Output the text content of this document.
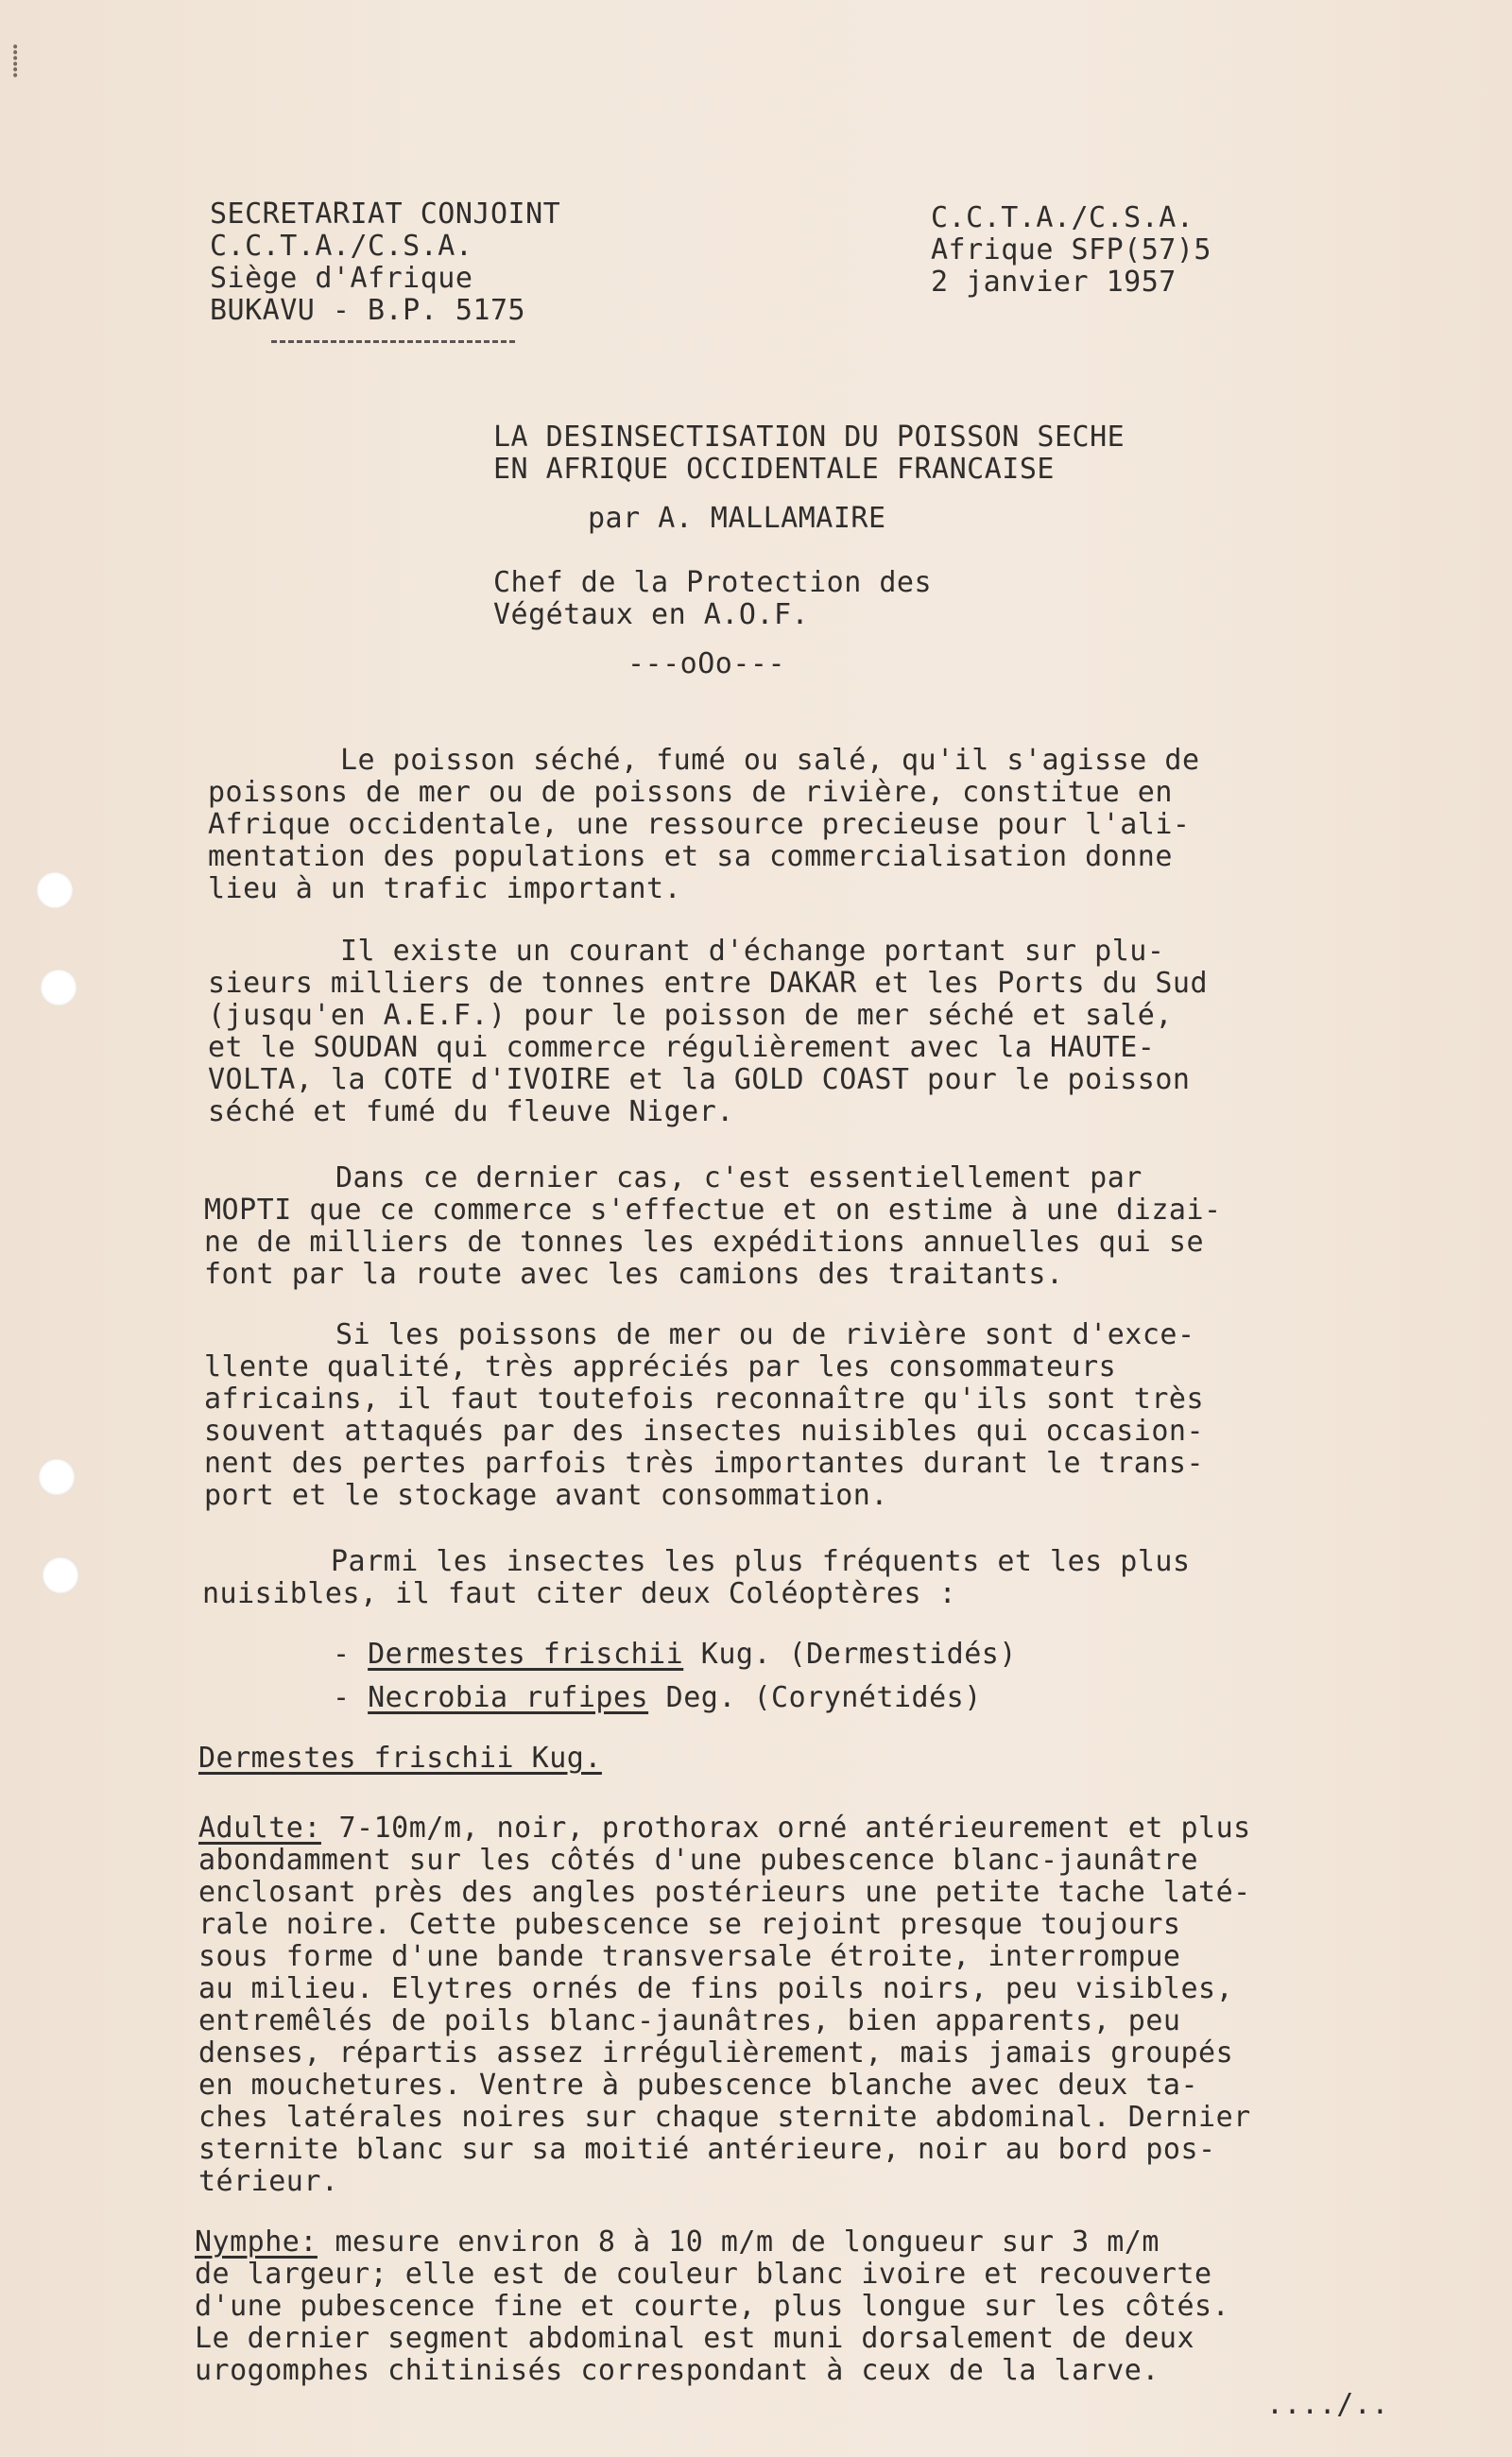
⸽
SECRETARIAT CONJOINT
C.C.T.A./C.S.A.
Siège d'Afrique
BUKAVU - B.P. 5175
C.C.T.A./C.S.A.
Afrique SFP(57)5
2 janvier 1957
LA DESINSECTISATION DU POISSON SECHE
EN AFRIQUE OCCIDENTALE FRANCAISE
par A. MALLAMAIRE
Chef de la Protection des
Végétaux en A.O.F.
---oOo---
Le poisson séché, fumé ou salé, qu'il s'agisse de
poissons de mer ou de poissons de rivière, constitue en
Afrique occidentale, une ressource precieuse pour l'ali-
mentation des populations et sa commercialisation donne
lieu à un trafic important.
Il existe un courant d'échange portant sur plu-
sieurs milliers de tonnes entre DAKAR et les Ports du Sud
(jusqu'en A.E.F.) pour le poisson de mer séché et salé,
et le SOUDAN qui commerce régulièrement avec la HAUTE-
VOLTA, la COTE d'IVOIRE et la GOLD COAST pour le poisson
séché et fumé du fleuve Niger.
Dans ce dernier cas, c'est essentiellement par
MOPTI que ce commerce s'effectue et on estime à une dizai-
ne de milliers de tonnes les expéditions annuelles qui se
font par la route avec les camions des traitants.
Si les poissons de mer ou de rivière sont d'exce-
llente qualité, très appréciés par les consommateurs
africains, il faut toutefois reconnaître qu'ils sont très
souvent attaqués par des insectes nuisibles qui occasion-
nent des pertes parfois très importantes durant le trans-
port et le stockage avant consommation.
Parmi les insectes les plus fréquents et les plus
nuisibles, il faut citer deux Coléoptères :
- Dermestes frischii Kug. (Dermestidés)
- Necrobia rufipes Deg. (Corynétidés)
Dermestes frischii Kug.
Adulte: 7-10m/m, noir, prothorax orné antérieurement et plus
abondamment sur les côtés d'une pubescence blanc-jaunâtre
enclosant près des angles postérieurs une petite tache laté-
rale noire. Cette pubescence se rejoint presque toujours
sous forme d'une bande transversale étroite, interrompue
au milieu. Elytres ornés de fins poils noirs, peu visibles,
entremêlés de poils blanc-jaunâtres, bien apparents, peu
denses, répartis assez irrégulièrement, mais jamais groupés
en mouchetures. Ventre à pubescence blanche avec deux ta-
ches latérales noires sur chaque sternite abdominal. Dernier
sternite blanc sur sa moitié antérieure, noir au bord pos-
térieur.
Nymphe: mesure environ 8 à 10 m/m de longueur sur 3 m/m
de largeur; elle est de couleur blanc ivoire et recouverte
d'une pubescence fine et courte, plus longue sur les côtés.
Le dernier segment abdominal est muni dorsalement de deux
urogomphes chitinisés correspondant à ceux de la larve.
..../..
